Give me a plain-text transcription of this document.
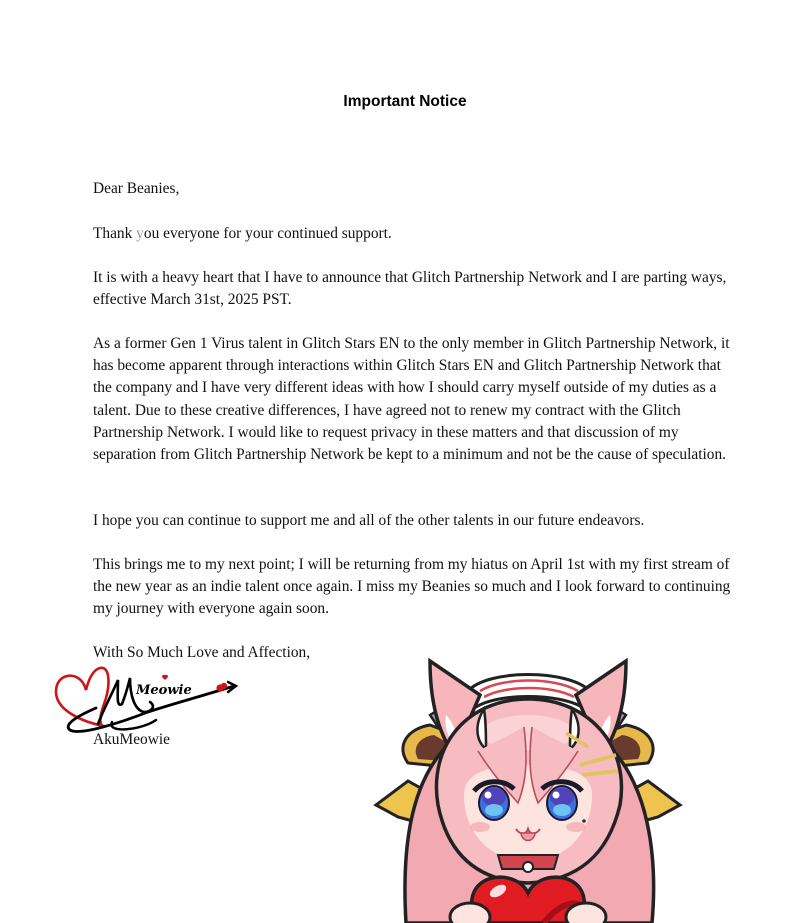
Important Notice

Dear Beanies,

Thank you everyone for your continued support.

It is with a heavy heart that I have to announce that Glitch Partnership Network and I are parting ways, effective March 31st, 2025 PST.

As a former Gen 1 Virus talent in Glitch Stars EN to the only member in Glitch Partnership Network, it has become apparent through interactions within Glitch Stars EN and Glitch Partnership Network that the company and I have very different ideas with how I should carry myself outside of my duties as a talent. Due to these creative differences, I have agreed not to renew my contract with the Glitch Partnership Network. I would like to request privacy in these matters and that discussion of my separation from Glitch Partnership Network be kept to a minimum and not be the cause of speculation.

I hope you can continue to support me and all of the other talents in our future endeavors.

This brings me to my next point; I will be returning from my hiatus on April 1st with my first stream of the new year as an indie talent once again. I miss my Beanies so much and I look forward to continuing my journey with everyone again soon.

With So Much Love and Affection,

Meowie
AkuMeowie
